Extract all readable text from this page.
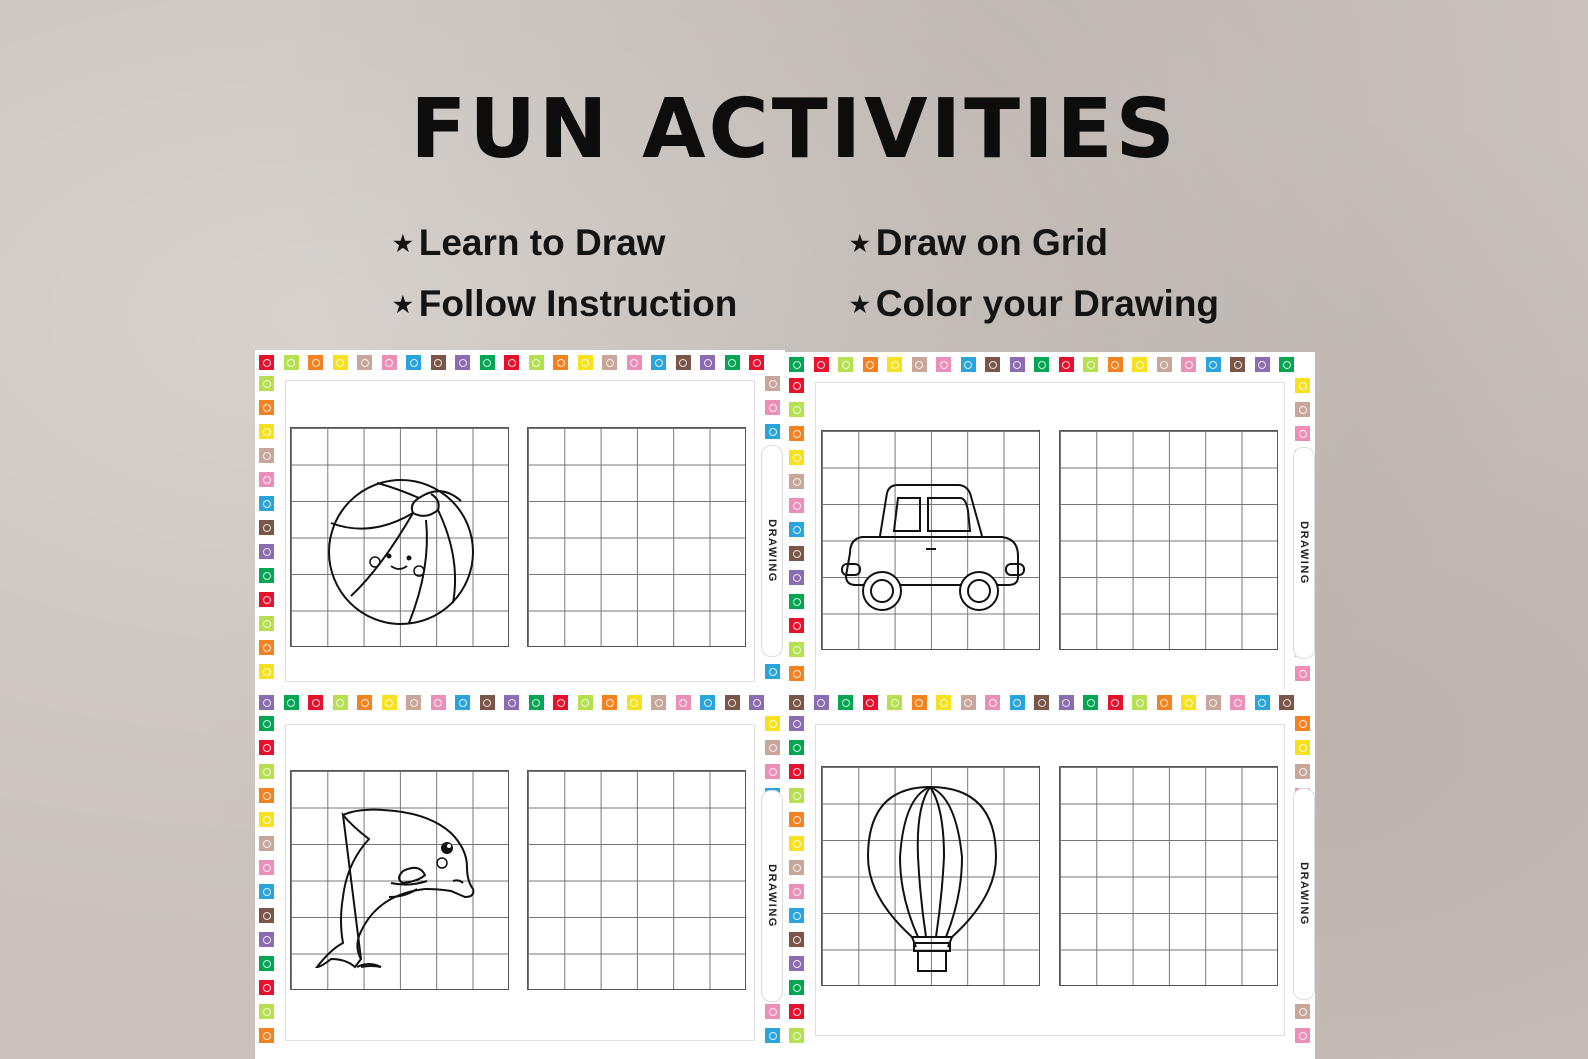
FUN ACTIVITIES
★ Learn to Draw	★ Draw on Grid
★ Follow Instruction	★ Color your Drawing
DRAWING	DRAWING
DRAWING	DRAWING
